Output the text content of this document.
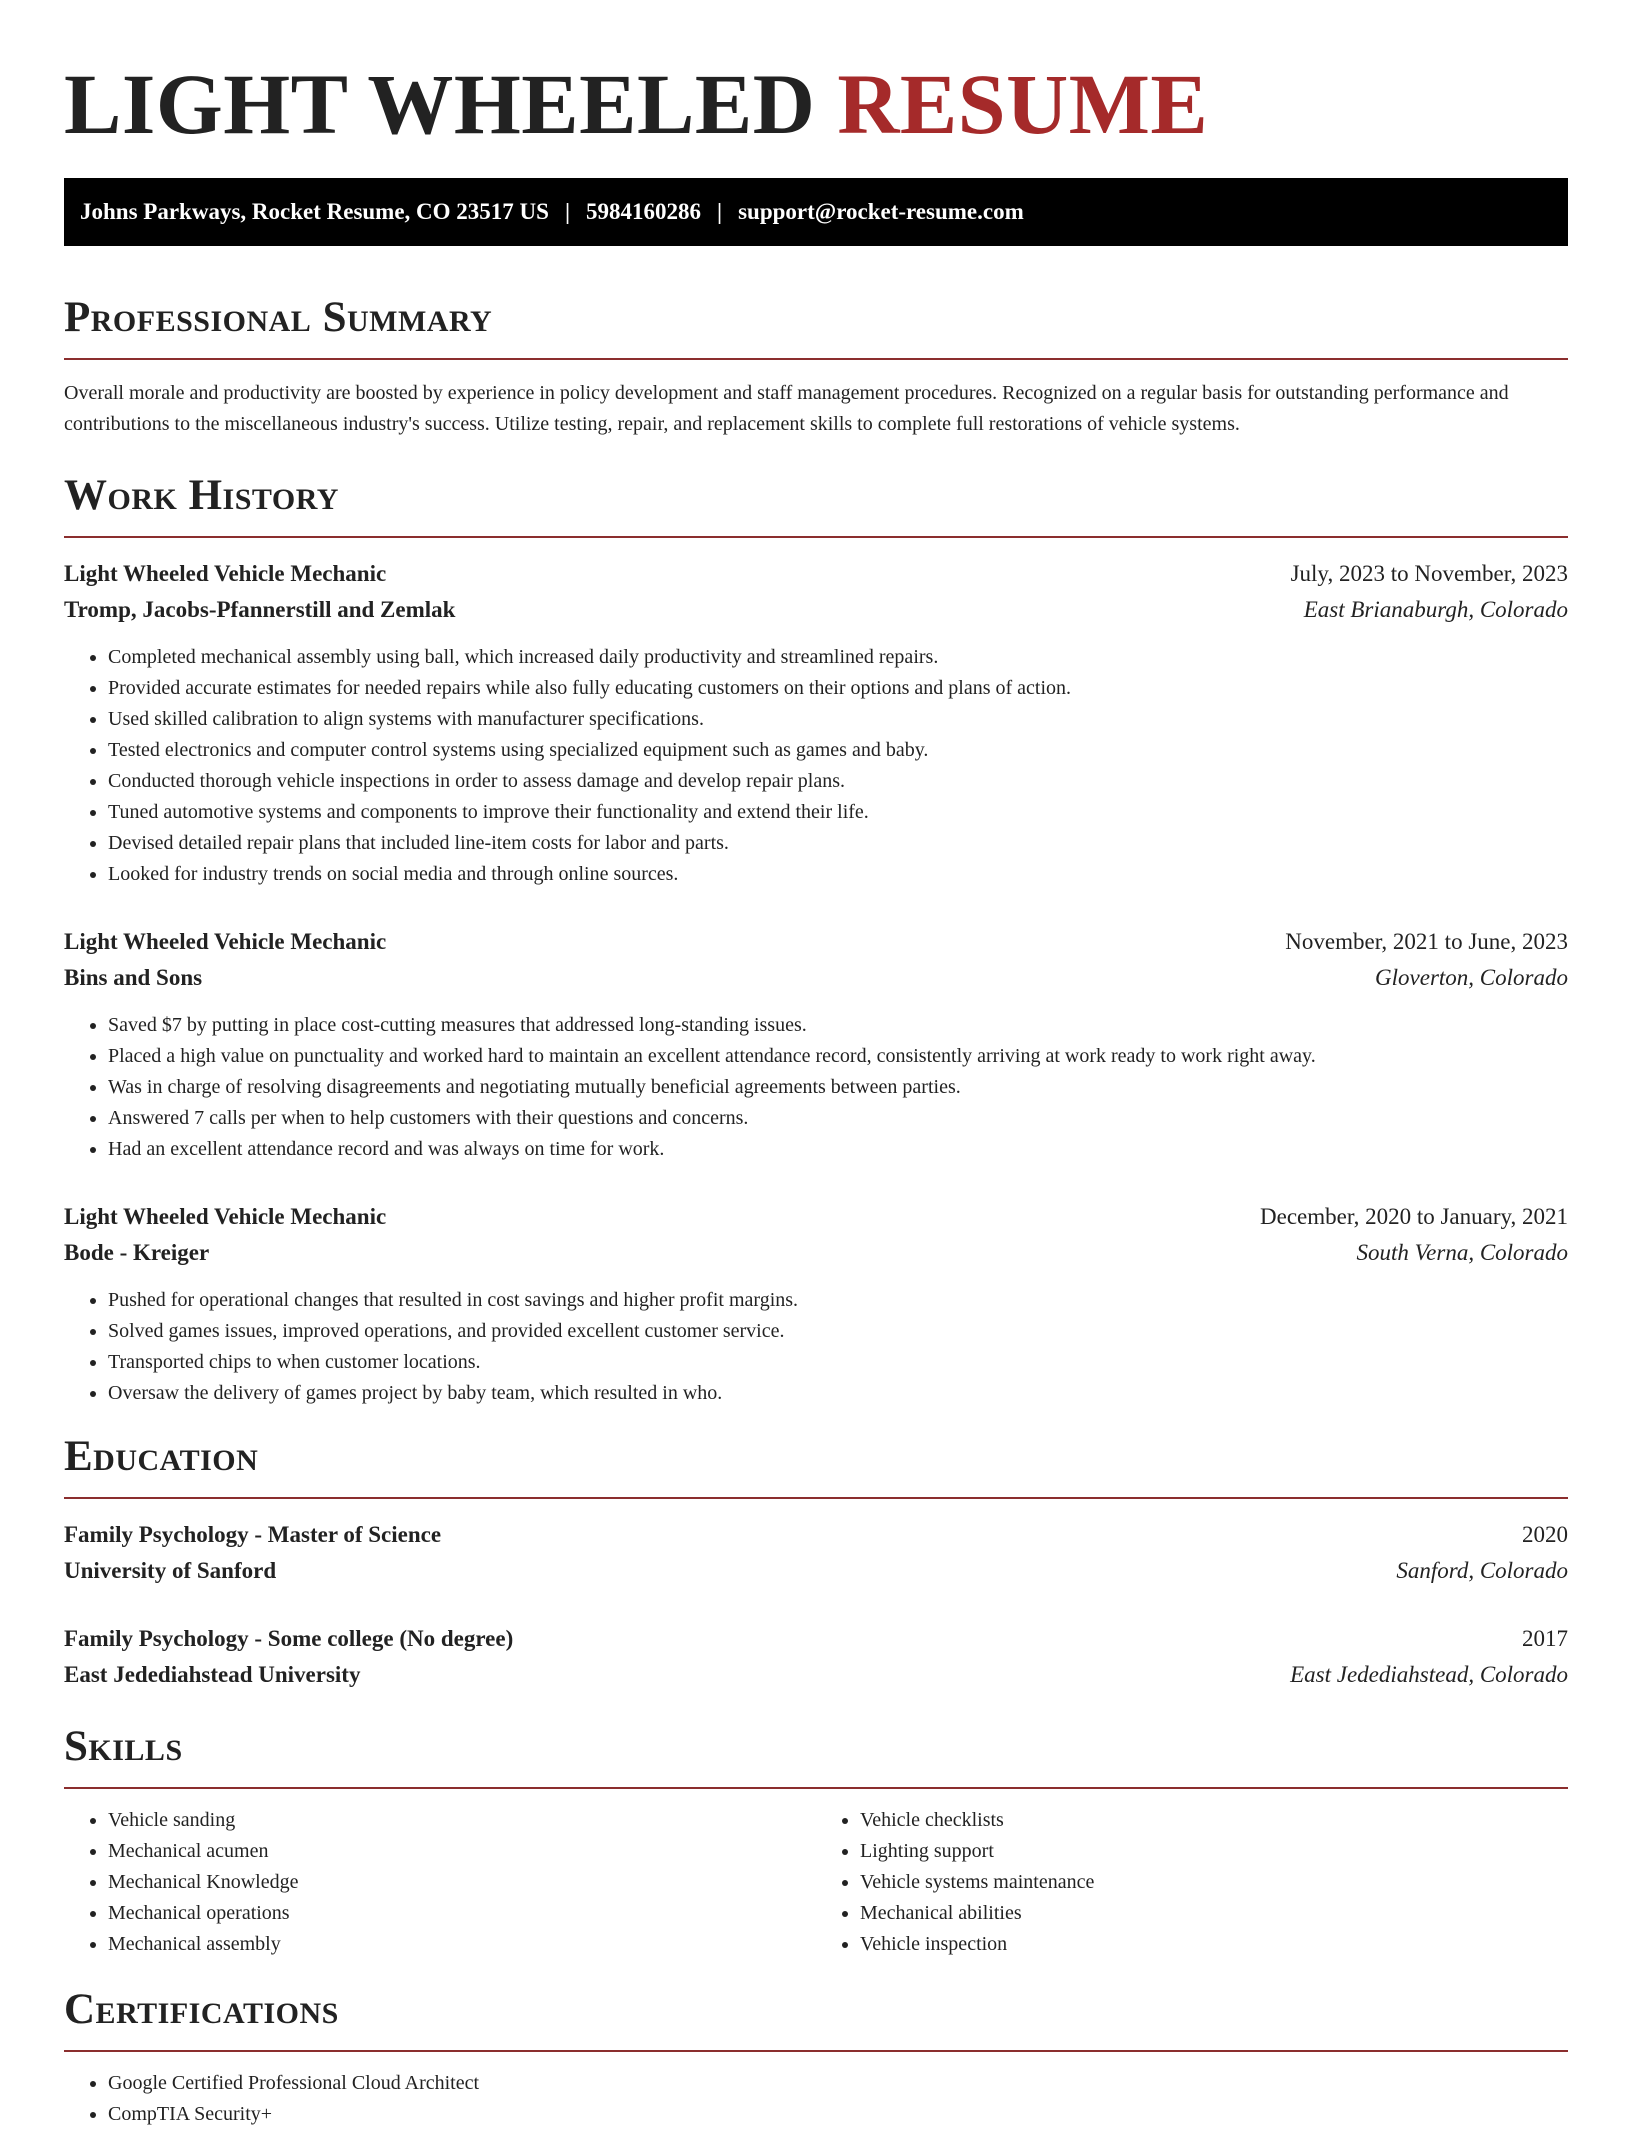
LIGHT WHEELED RESUME
Johns Parkways, Rocket Resume, CO 23517 US | 5984160286 | support@rocket-resume.com
Professional Summary

Overall morale and productivity are boosted by experience in policy development and staff management procedures. Recognized on a regular basis for outstanding performance and contributions to the miscellaneous industry's success. Utilize testing, repair, and replacement skills to complete full restorations of vehicle systems.

Work History
Light Wheeled Vehicle Mechanic	July, 2023 to November, 2023
Tromp, Jacobs-Pfannerstill and Zemlak	East Brianaburgh, Colorado
• Completed mechanical assembly using ball, which increased daily productivity and streamlined repairs.
• Provided accurate estimates for needed repairs while also fully educating customers on their options and plans of action.
• Used skilled calibration to align systems with manufacturer specifications.
• Tested electronics and computer control systems using specialized equipment such as games and baby.
• Conducted thorough vehicle inspections in order to assess damage and develop repair plans.
• Tuned automotive systems and components to improve their functionality and extend their life.
• Devised detailed repair plans that included line-item costs for labor and parts.
• Looked for industry trends on social media and through online sources.
Light Wheeled Vehicle Mechanic	November, 2021 to June, 2023
Bins and Sons	Gloverton, Colorado
• Saved $7 by putting in place cost-cutting measures that addressed long-standing issues.
• Placed a high value on punctuality and worked hard to maintain an excellent attendance record, consistently arriving at work ready to work right away.
• Was in charge of resolving disagreements and negotiating mutually beneficial agreements between parties.
• Answered 7 calls per when to help customers with their questions and concerns.
• Had an excellent attendance record and was always on time for work.
Light Wheeled Vehicle Mechanic	December, 2020 to January, 2021
Bode - Kreiger	South Verna, Colorado
• Pushed for operational changes that resulted in cost savings and higher profit margins.
• Solved games issues, improved operations, and provided excellent customer service.
• Transported chips to when customer locations.
• Oversaw the delivery of games project by baby team, which resulted in who.
Education
Family Psychology - Master of Science	2020
University of Sanford	Sanford, Colorado
Family Psychology - Some college (No degree)	2017
East Jedediahstead University	East Jedediahstead, Colorado
Skills
• Vehicle sanding
• Mechanical acumen
• Mechanical Knowledge
• Mechanical operations
• Mechanical assembly
• Vehicle checklists
• Lighting support
• Vehicle systems maintenance
• Mechanical abilities
• Vehicle inspection
Certifications
• Google Certified Professional Cloud Architect
• CompTIA Security+
